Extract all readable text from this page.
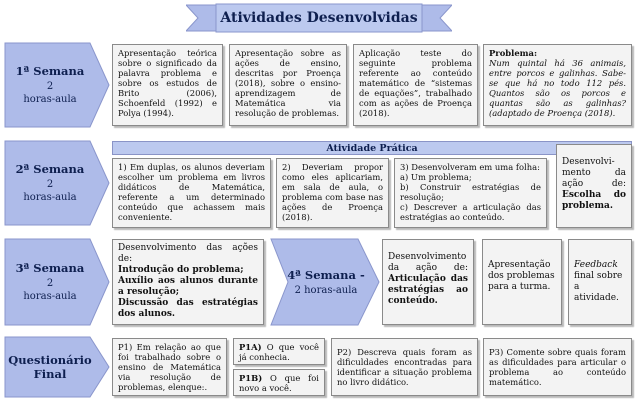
Atividades Desenvolvidas
1ª Semana
2
horas-aula
Apresentação teórica sobre o significado da palavra problema e sobre os estudos de Brito (2006), Schoenfeld (1992) e Polya (1994).
Apresentação sobre as ações de ensino, descritas por Proença (2018), sobre o ensino-aprendizagem de Matemática via resolução de problemas.
Aplicação teste do seguinte problema referente ao conteúdo matemático de “sistemas de equações”, trabalhado com as ações de Proença (2018).
Problema:
Num quintal há 36 animais, entre porcos e galinhas. Sabe-se que há no todo 112 pés. Quantos são os porcos e quantas são as galinhas? (adaptado de Proença (2018).
2ª Semana
2
horas-aula
Atividade Prática
1) Em duplas, os alunos deveriam escolher um problema em livros didáticos de Matemática, referente a um determinado conteúdo que achassem mais conveniente.
2) Deveriam propor como eles aplicariam, em sala de aula, o problema com base nas ações de Proença (2018).
3) Desenvolveram em uma folha:
a) Um problema;
b) Construir estratégias de resolução;
c) Descrever a articulação das estratégias ao conteúdo.
Desenvolvi-mento da ação de: Escolha do problema.
3ª Semana
2
horas-aula
Desenvolvimento das ações de:
Introdução do problema;
Auxílio aos alunos durante a resolução;
Discussão das estratégias dos alunos.
4ª Semana -
2 horas-aula
Desenvolvimento da ação de: Articulação das estratégias ao conteúdo.
Apresentação dos problemas para a turma.
Feedback final sobre a atividade.
Questionário Final
P1) Em relação ao que foi trabalhado sobre o ensino de Matemática via resolução de problemas, elenque:.
P1A) O que você já conhecia.
P1B) O que foi novo a você.
P2) Descreva quais foram as dificuldades encontradas para identificar a situação problema no livro didático.
P3) Comente sobre quais foram as dificuldades para articular o problema ao conteúdo matemático.
